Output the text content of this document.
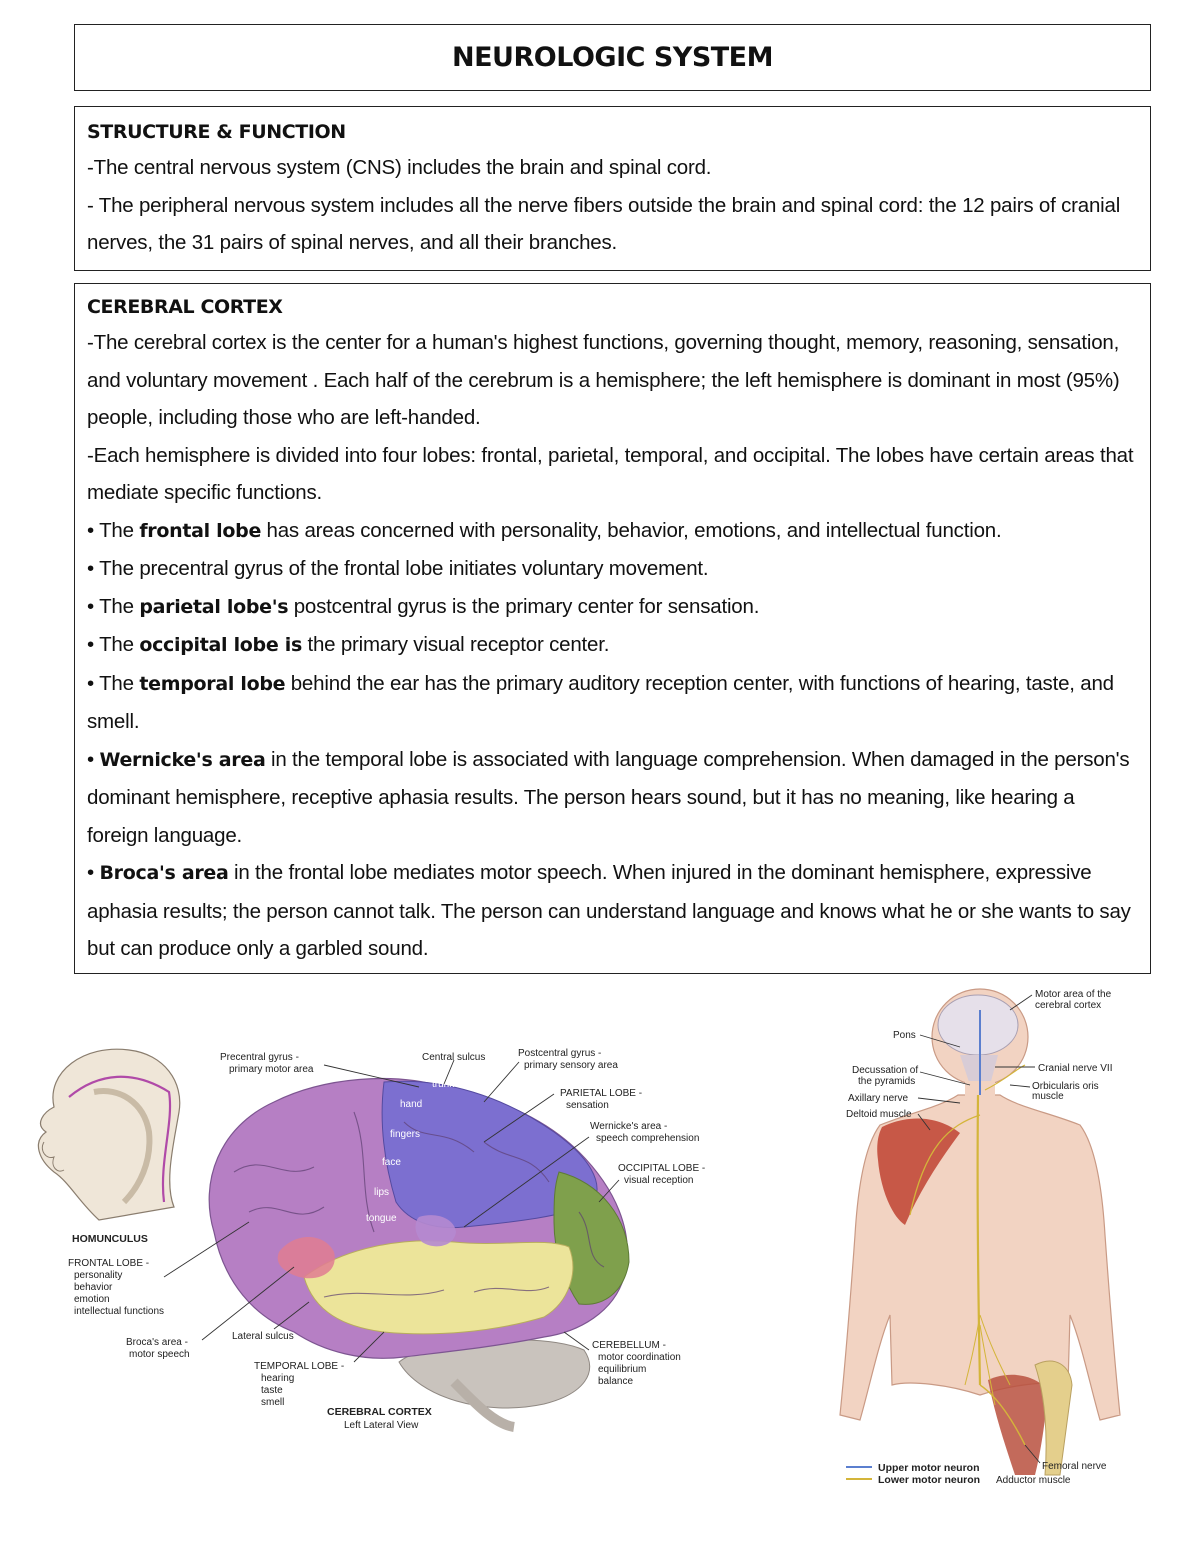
NEUROLOGIC SYSTEM
STRUCTURE & FUNCTION

-The central nervous system (CNS) includes the brain and spinal cord.

- The peripheral nervous system includes all the nerve fibers outside the brain and spinal cord: the 12 pairs of cranial nerves, the 31 pairs of spinal nerves, and all their branches.

CEREBRAL CORTEX

-The cerebral cortex is the center for a human's highest functions, governing thought, memory, reasoning, sensation, and voluntary movement . Each half of the cerebrum is a hemisphere; the left hemisphere is dominant in most (95%) people, including those who are left-handed.

-Each hemisphere is divided into four lobes: frontal, parietal, temporal, and occipital. The lobes have certain areas that mediate specific functions.

• The frontal lobe has areas concerned with personality, behavior, emotions, and intellectual function.

• The precentral gyrus of the frontal lobe initiates voluntary movement.

• The parietal lobe's postcentral gyrus is the primary center for sensation.

• The occipital lobe is the primary visual receptor center.

• The temporal lobe behind the ear has the primary auditory reception center, with functions of hearing, taste, and smell.

• Wernicke's area in the temporal lobe is associated with language comprehension. When damaged in the person's dominant hemisphere, receptive aphasia results. The person hears sound, but it has no meaning, like hearing a foreign language.

• Broca's area in the frontal lobe mediates motor speech. When injured in the dominant hemisphere, expressive aphasia results; the person cannot talk. The person can understand language and knows what he or she wants to say but can produce only a garbled sound.

HOMUNCULUS
trunk
hand
fingers
face
lips
tongue
Precentral gyrus -
primary motor area
Central sulcus	Postcentral gyrus -
primary sensory area
PARIETAL LOBE -
sensation
Wernicke's area -
speech comprehension
OCCIPITAL LOBE -
visual reception
FRONTAL LOBE -
personality
behavior
emotion
intellectual functions
Broca's area -
motor speech
Lateral sulcus
TEMPORAL LOBE -
hearing
taste
smell
CEREBELLUM -
motor coordination
equilibrium
balance
CEREBRAL CORTEX
Left Lateral View
Motor area of the
cerebral cortex
Pons
Cranial nerve VII
Decussation of
the pyramids	Orbicularis oris
muscle
Axillary nerve
Deltoid muscle
Femoral nerve
Adductor muscle
Upper motor neuron
Lower motor neuron
